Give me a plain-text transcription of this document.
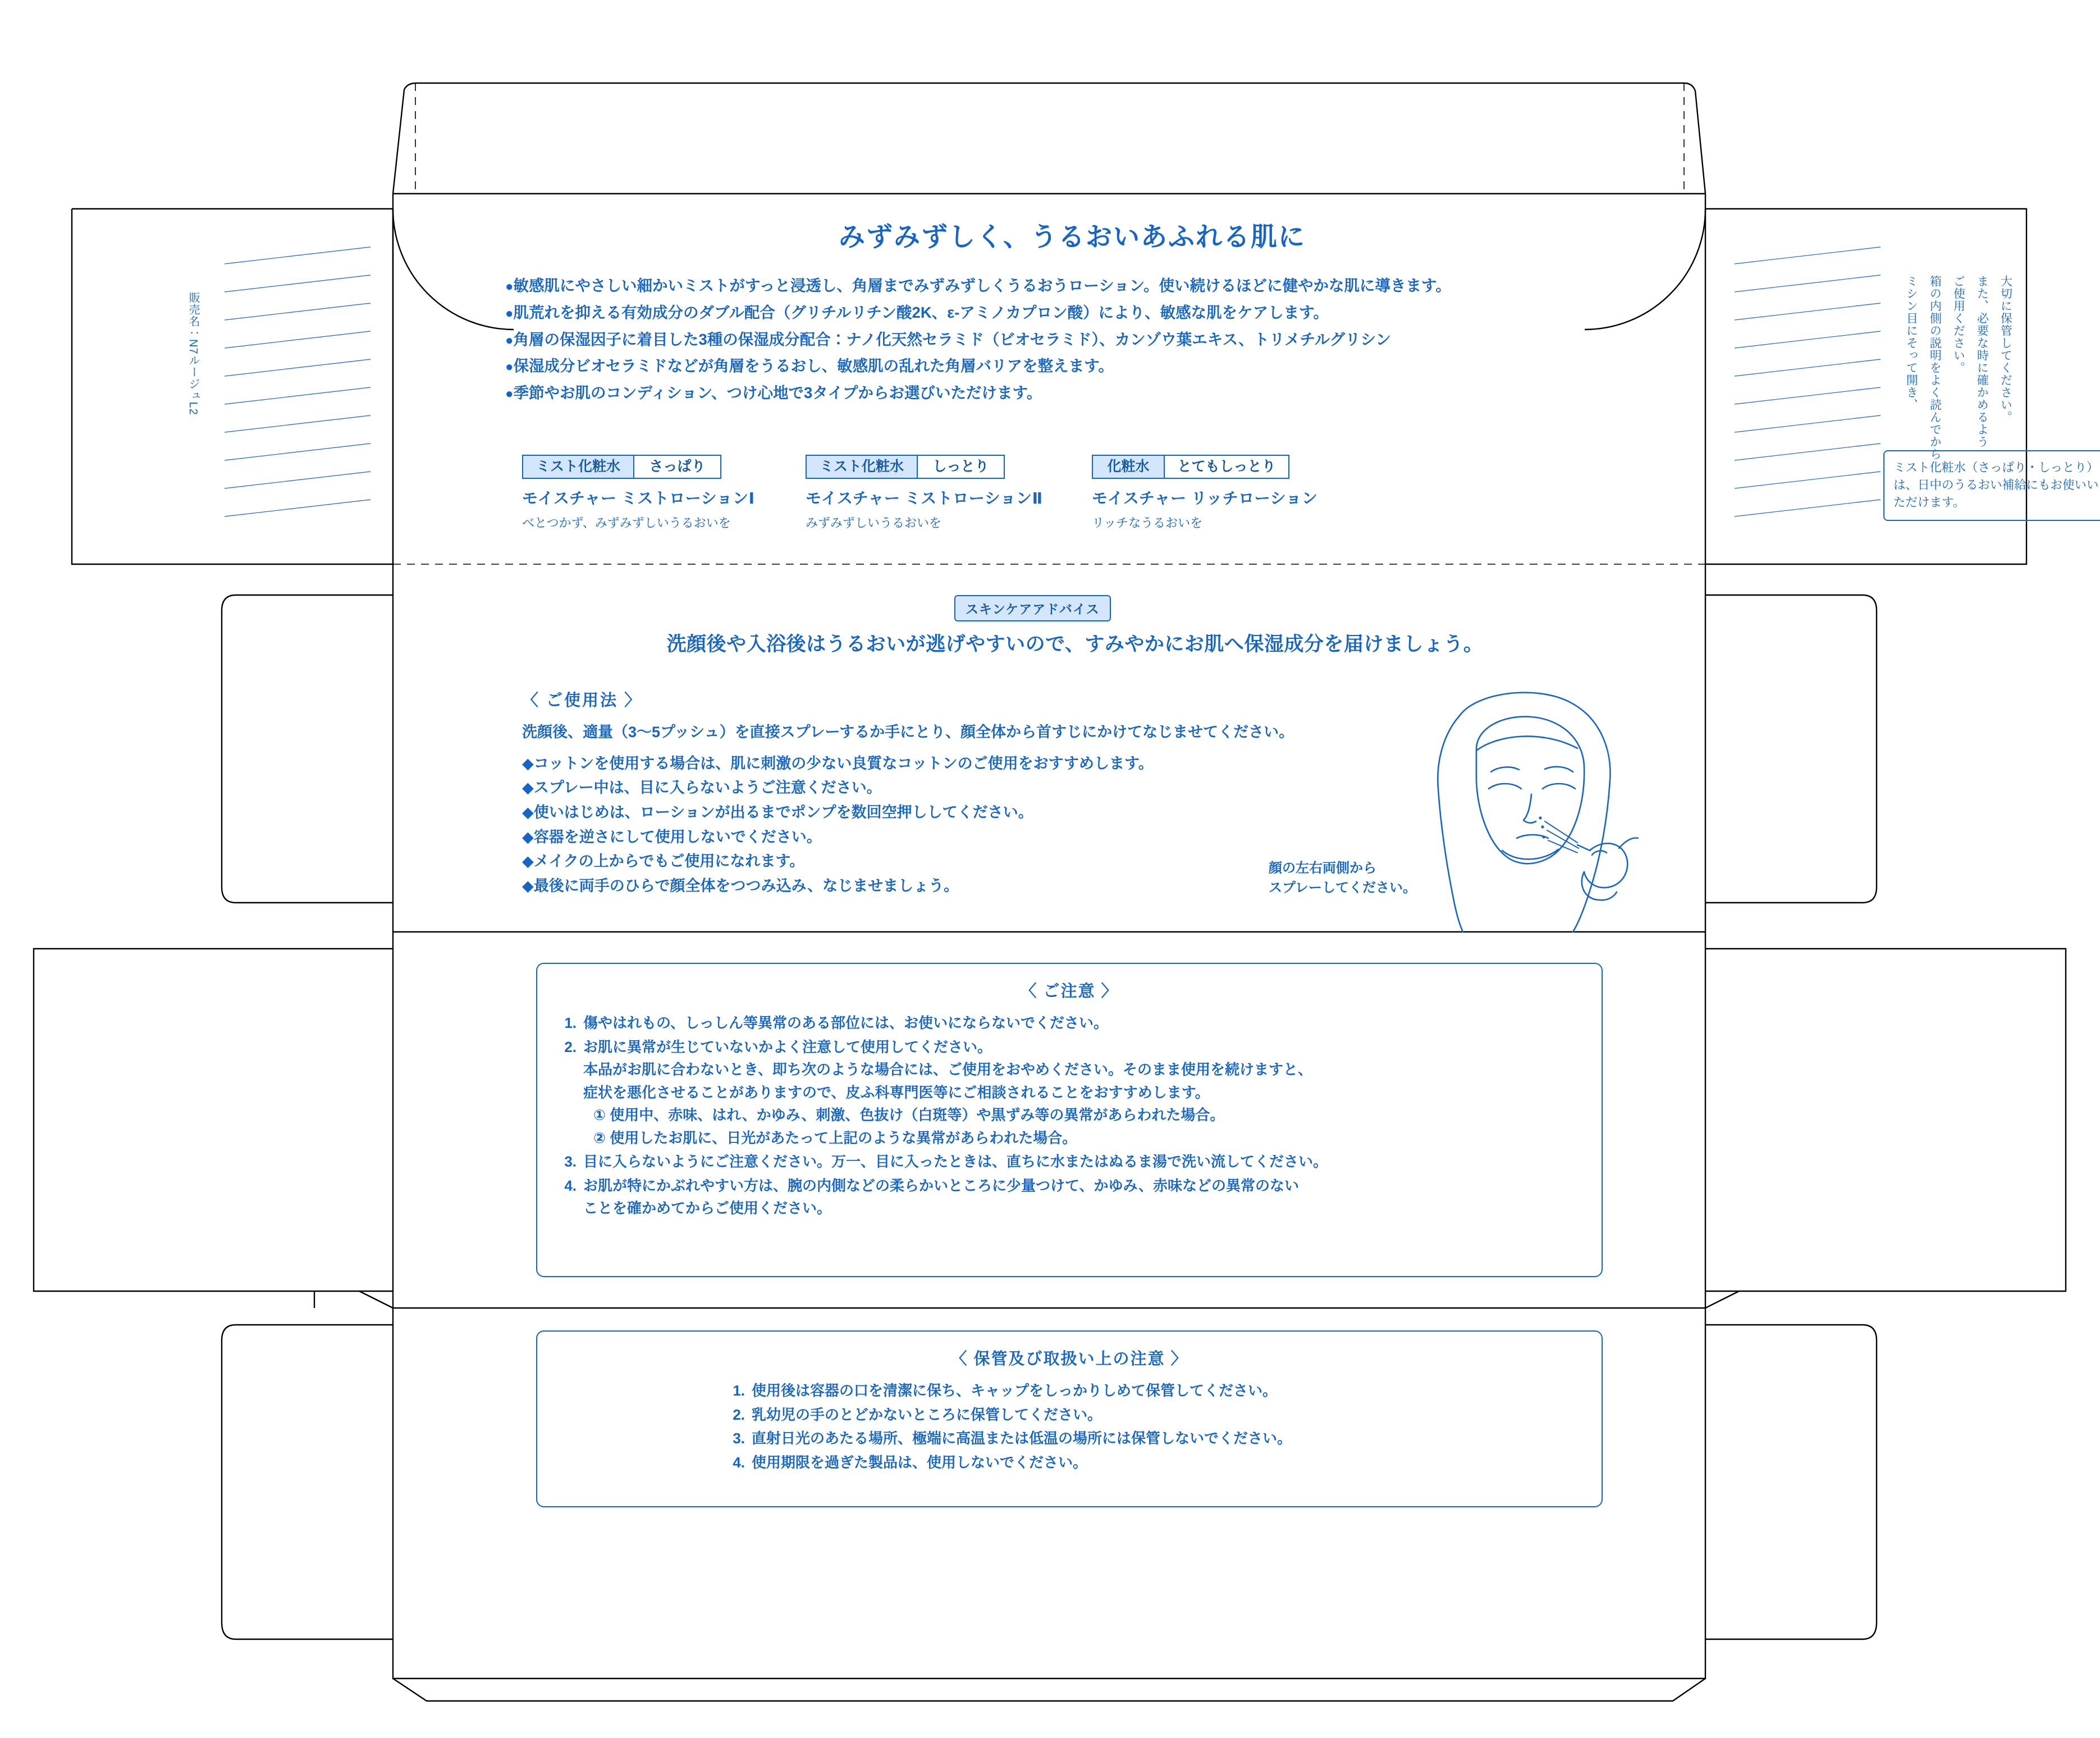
販売名：N7ルージュL2	ミシン目にそって開き、 箱の内側の説明をよく読んでから ご使用ください。 また、必要な時に確かめるよう 大切に保管してください。
みずみずしく、うるおいあふれる肌に
●敏感肌にやさしい細かいミストがすっと浸透し、角層までみずみずしくうるおうローション。使い続けるほどに健やかな肌に導きます。
●肌荒れを抑える有効成分のダブル配合（グリチルリチン酸2K、ε-アミノカプロン酸）により、敏感な肌をケアします。
●角層の保湿因子に着目した3種の保湿成分配合：ナノ化天然セラミド（ビオセラミド）、カンゾウ葉エキス、トリメチルグリシン
●保湿成分ビオセラミドなどが角層をうるおし、敏感肌の乱れた角層バリアを整えます。
●季節やお肌のコンディション、つけ心地で3タイプからお選びいただけます。
ミスト化粧水	さっぱり
モイスチャー ミストローションⅠ
べとつかず、みずみずしいうるおいを
ミスト化粧水	しっとり
モイスチャー ミストローションⅡ
みずみずしいうるおいを
化粧水	とてもしっとり
モイスチャー リッチローション
リッチなうるおいを
ミスト化粧水（さっぱり・しっとり）は、日中のうるおい補給にもお使いいただけます。
スキンケアアドバイス
洗顔後や入浴後はうるおいが逃げやすいので、すみやかにお肌へ保湿成分を届けましょう。
〈 ご使用法 〉

洗顔後、適量（3〜5プッシュ）を直接スプレーするか手にとり、顔全体から首すじにかけてなじませてください。

◆コットンを使用する場合は、肌に刺激の少ない良質なコットンのご使用をおすすめします。
◆スプレー中は、目に入らないようご注意ください。
◆使いはじめは、ローションが出るまでポンプを数回空押ししてください。
◆容器を逆さにして使用しないでください。
◆メイクの上からでもご使用になれます。
◆最後に両手のひらで顔全体をつつみ込み、なじませましょう。
顔の左右両側から
スプレーしてください。
〈 ご注意 〉
1. 傷やはれもの、しっしん等異常のある部位には、お使いにならないでください。
2. お肌に異常が生じていないかよく注意して使用してください。
本品がお肌に合わないとき、即ち次のような場合には、ご使用をおやめください。そのまま使用を続けますと、
症状を悪化させることがありますので、皮ふ科専門医等にご相談されることをおすすめします。
① 使用中、赤味、はれ、かゆみ、刺激、色抜け（白斑等）や黒ずみ等の異常があらわれた場合。
② 使用したお肌に、日光があたって上記のような異常があらわれた場合。
3. 目に入らないようにご注意ください。万一、目に入ったときは、直ちに水またはぬるま湯で洗い流してください。
4. お肌が特にかぶれやすい方は、腕の内側などの柔らかいところに少量つけて、かゆみ、赤味などの異常のない
ことを確かめてからご使用ください。
〈 保管及び取扱い上の注意 〉
1. 使用後は容器の口を清潔に保ち、キャップをしっかりしめて保管してください。
2. 乳幼児の手のとどかないところに保管してください。
3. 直射日光のあたる場所、極端に高温または低温の場所には保管しないでください。
4. 使用期限を過ぎた製品は、使用しないでください。
